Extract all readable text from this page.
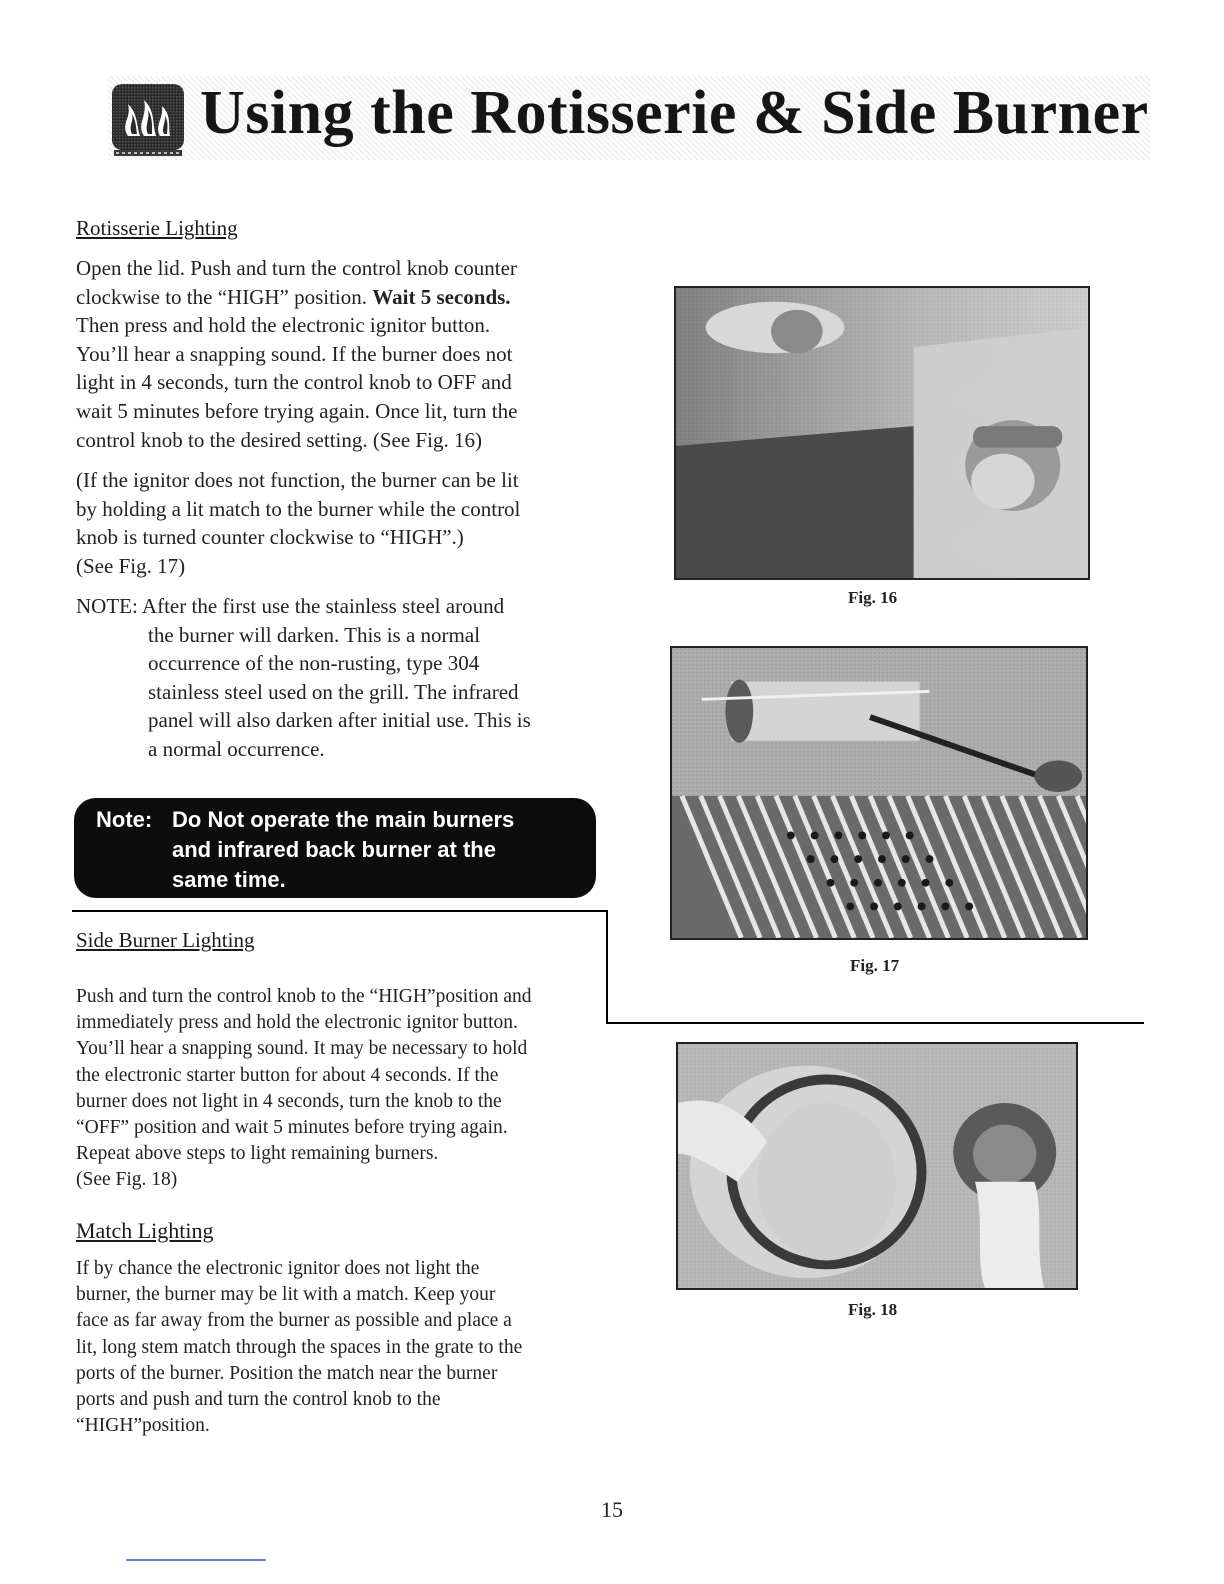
Using the Rotisserie & Side Burner
Rotisserie Lighting

Open the lid. Push and turn the control knob counter
clockwise to the “HIGH” position. Wait 5 seconds.
Then press and hold the electronic ignitor button.
You’ll hear a snapping sound. If the burner does not
light in 4 seconds, turn the control knob to OFF and
wait 5 minutes before trying again. Once lit, turn the
control knob to the desired setting. (See Fig. 16)

(If the ignitor does not function, the burner can be lit
by holding a lit match to the burner while the control
knob is turned counter clockwise to “HIGH”.)
(See Fig. 17)

NOTE: After the first use the stainless steel around
the burner will darken. This is a normal
occurrence of the non-rusting, type 304
stainless steel used on the grill. The infrared
panel will also darken after initial use. This is
a normal occurrence.
Note: Do Not operate the main burners
and infrared back burner at the
same time.
Side Burner Lighting

Push and turn the control knob to the “HIGH”position and
immediately press and hold the electronic ignitor button.
You’ll hear a snapping sound. It may be necessary to hold
the electronic starter button for about 4 seconds. If the
burner does not light in 4 seconds, turn the knob to the
“OFF” position and wait 5 minutes before trying again.
Repeat above steps to light remaining burners.
(See Fig. 18)

Match Lighting

If by chance the electronic ignitor does not light the
burner, the burner may be lit with a match. Keep your
face as far away from the burner as possible and place a
lit, long stem match through the spaces in the grate to the
ports of the burner. Position the match near the burner
ports and push and turn the control knob to the
“HIGH”position.

Fig. 16
Fig. 17
Fig. 18
15
